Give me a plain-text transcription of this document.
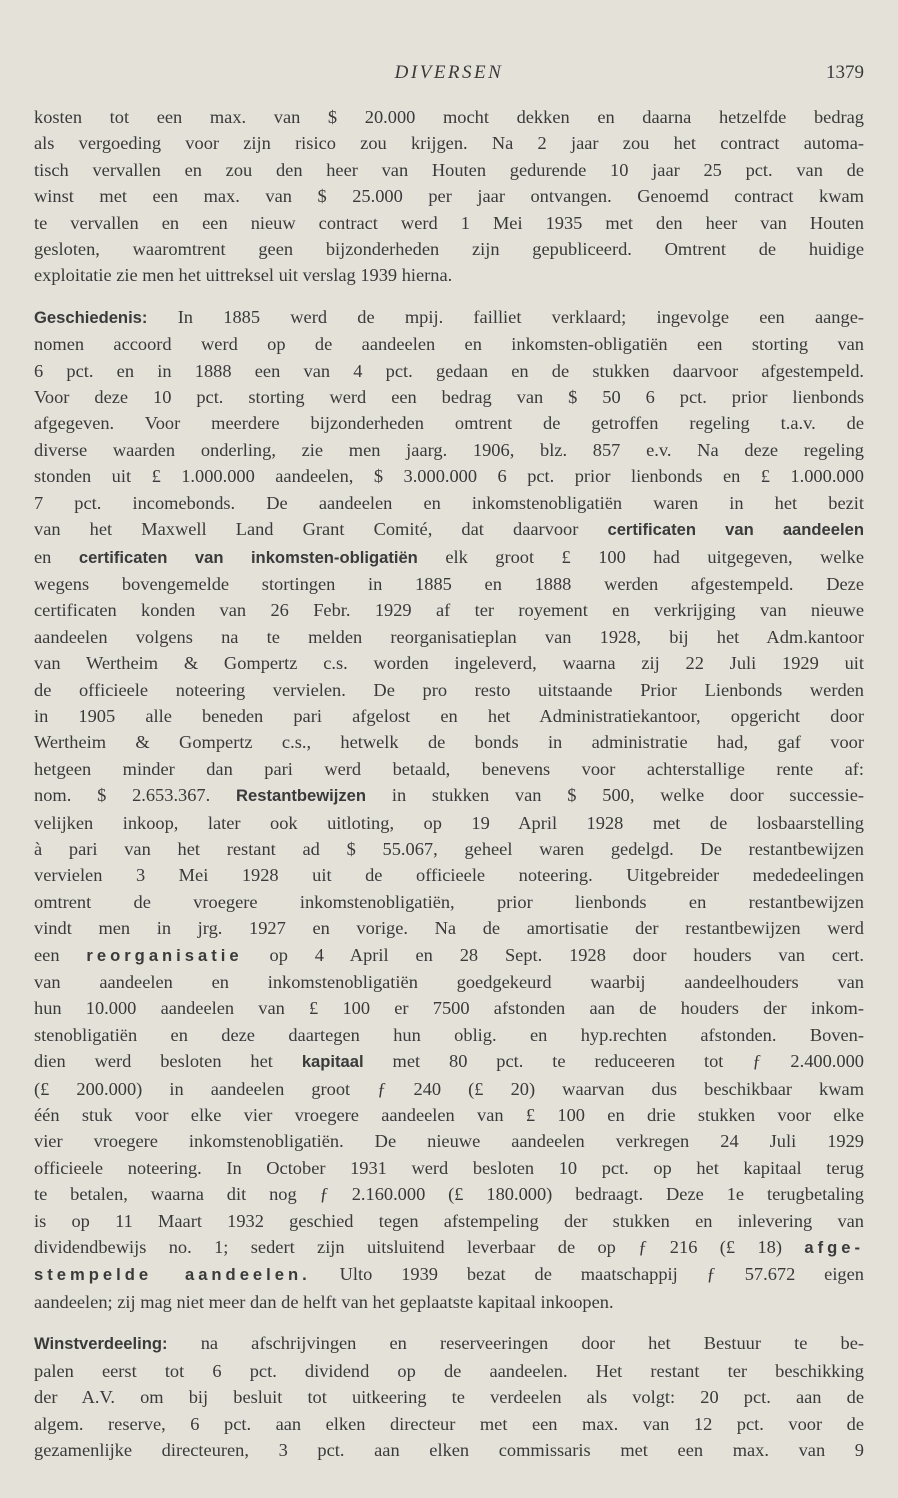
DIVERSEN	1379
kosten tot een max. van $ 20.000 mocht dekken en daarna hetzelfde bedrag
als vergoeding voor zijn risico zou krijgen. Na 2 jaar zou het contract automa-
tisch vervallen en zou den heer van Houten gedurende 10 jaar 25 pct. van de
winst met een max. van $ 25.000 per jaar ontvangen. Genoemd contract kwam
te vervallen en een nieuw contract werd 1 Mei 1935 met den heer van Houten
gesloten, waaromtrent geen bijzonderheden zijn gepubliceerd. Omtrent de huidige
exploitatie zie men het uittreksel uit verslag 1939 hierna.
Geschiedenis: In 1885 werd de mpij. failliet verklaard; ingevolge een aange-
nomen accoord werd op de aandeelen en inkomsten-obligatiën een storting van
6 pct. en in 1888 een van 4 pct. gedaan en de stukken daarvoor afgestempeld.
Voor deze 10 pct. storting werd een bedrag van $ 50 6 pct. prior lienbonds
afgegeven. Voor meerdere bijzonderheden omtrent de getroffen regeling t.a.v. de
diverse waarden onderling, zie men jaarg. 1906, blz. 857 e.v. Na deze regeling
stonden uit £ 1.000.000 aandeelen, $ 3.000.000 6 pct. prior lienbonds en £ 1.000.000
7 pct. incomebonds. De aandeelen en inkomstenobligatiën waren in het bezit
van het Maxwell Land Grant Comité, dat daarvoor certificaten van aandeelen
en certificaten van inkomsten-obligatiën elk groot £ 100 had uitgegeven, welke
wegens bovengemelde stortingen in 1885 en 1888 werden afgestempeld. Deze
certificaten konden van 26 Febr. 1929 af ter royement en verkrijging van nieuwe
aandeelen volgens na te melden reorganisatieplan van 1928, bij het Adm.kantoor
van Wertheim & Gompertz c.s. worden ingeleverd, waarna zij 22 Juli 1929 uit
de officieele noteering vervielen. De pro resto uitstaande Prior Lienbonds werden
in 1905 alle beneden pari afgelost en het Administratiekantoor, opgericht door
Wertheim & Gompertz c.s., hetwelk de bonds in administratie had, gaf voor
hetgeen minder dan pari werd betaald, benevens voor achterstallige rente af:
nom. $ 2.653.367. Restantbewijzen in stukken van $ 500, welke door successie-
velijken inkoop, later ook uitloting, op 19 April 1928 met de losbaarstelling
à pari van het restant ad $ 55.067, geheel waren gedelgd. De restantbewijzen
vervielen 3 Mei 1928 uit de officieele noteering. Uitgebreider mededeelingen
omtrent de vroegere inkomstenobligatiën, prior lienbonds en restantbewijzen
vindt men in jrg. 1927 en vorige. Na de amortisatie der restantbewijzen werd
een reorganisatie op 4 April en 28 Sept. 1928 door houders van cert.
van aandeelen en inkomstenobligatiën goedgekeurd waarbij aandeelhouders van
hun 10.000 aandeelen van £ 100 er 7500 afstonden aan de houders der inkom-
stenobligatiën en deze daartegen hun oblig. en hyp.rechten afstonden. Boven-
dien werd besloten het kapitaal met 80 pct. te reduceeren tot ƒ 2.400.000
(£ 200.000) in aandeelen groot ƒ 240 (£ 20) waarvan dus beschikbaar kwam
één stuk voor elke vier vroegere aandeelen van £ 100 en drie stukken voor elke
vier vroegere inkomstenobligatiën. De nieuwe aandeelen verkregen 24 Juli 1929
officieele noteering. In October 1931 werd besloten 10 pct. op het kapitaal terug
te betalen, waarna dit nog ƒ 2.160.000 (£ 180.000) bedraagt. Deze 1e terugbetaling
is op 11 Maart 1932 geschied tegen afstempeling der stukken en inlevering van
dividendbewijs no. 1; sedert zijn uitsluitend leverbaar de op ƒ 216 (£ 18) afge-
stempelde aandeelen. Ulto 1939 bezat de maatschappij ƒ 57.672 eigen
aandeelen; zij mag niet meer dan de helft van het geplaatste kapitaal inkoopen.
Winstverdeeling: na afschrijvingen en reserveeringen door het Bestuur te be-
palen eerst tot 6 pct. dividend op de aandeelen. Het restant ter beschikking
der A.V. om bij besluit tot uitkeering te verdeelen als volgt: 20 pct. aan de
algem. reserve, 6 pct. aan elken directeur met een max. van 12 pct. voor de
gezamenlijke directeuren, 3 pct. aan elken commissaris met een max. van 9
